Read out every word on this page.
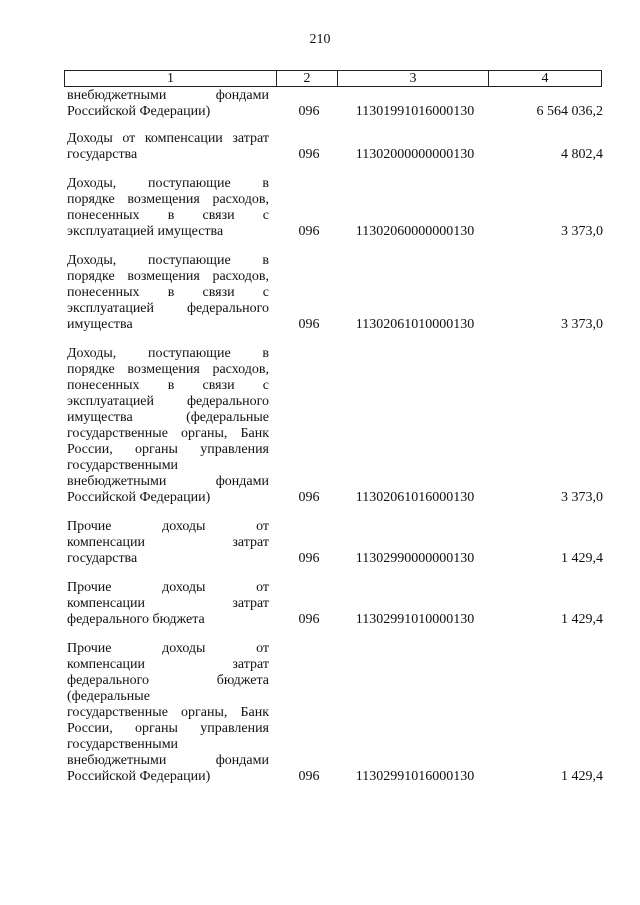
210
1	2	3	4
внебюджетными фондами
Российской Федерации)	096	11301991016000130	6 564 036,2
Доходы от компенсации затрат
государства	096	11302000000000130	4 802,4
Доходы, поступающие в
порядке возмещения расходов,
понесенных в связи с
эксплуатацией имущества	096	11302060000000130	3 373,0
Доходы, поступающие в
порядке возмещения расходов,
понесенных в связи с
эксплуатацией федерального
имущества	096	11302061010000130	3 373,0
Доходы, поступающие в
порядке возмещения расходов,
понесенных в связи с
эксплуатацией федерального
имущества (федеральные
государственные органы, Банк
России, органы управления
государственными
внебюджетными фондами
Российской Федерации)	096	11302061016000130	3 373,0
Прочие доходы от
компенсации затрат
государства	096	11302990000000130	1 429,4
Прочие доходы от
компенсации затрат
федерального бюджета	096	11302991010000130	1 429,4
Прочие доходы от
компенсации затрат
федерального бюджета
(федеральные
государственные органы, Банк
России, органы управления
государственными
внебюджетными фондами
Российской Федерации)	096	11302991016000130	1 429,4
